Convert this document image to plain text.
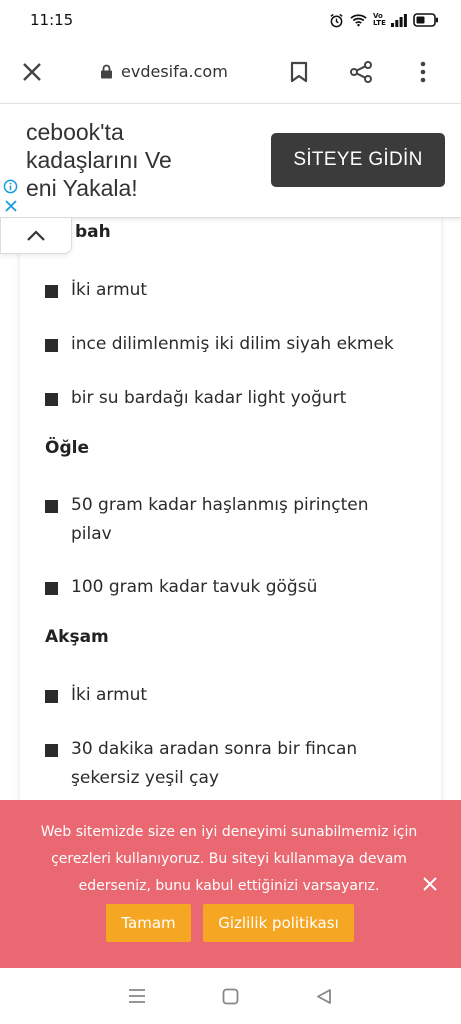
11:15	Vo LTE
evdesifa.com
cebook'ta
kadaşlarını Ve
eni Yakala!
SİTEYE GİDİN
bah
İki armut
ince dilimlenmiş iki dilim siyah ekmek
bir su bardağı kadar light yoğurt
Öğle
50 gram kadar haşlanmış pirinçten pilav
100 gram kadar tavuk göğsü
Akşam
İki armut
30 dakika aradan sonra bir fincan şekersiz yeşil çay
Web sitemizde size en iyi deneyimi sunabilmemiz için çerezleri kullanıyoruz. Bu siteyi kullanmaya devam ederseniz, bunu kabul ettiğinizi varsayarız.
Tamam	Gizlilik politikası
